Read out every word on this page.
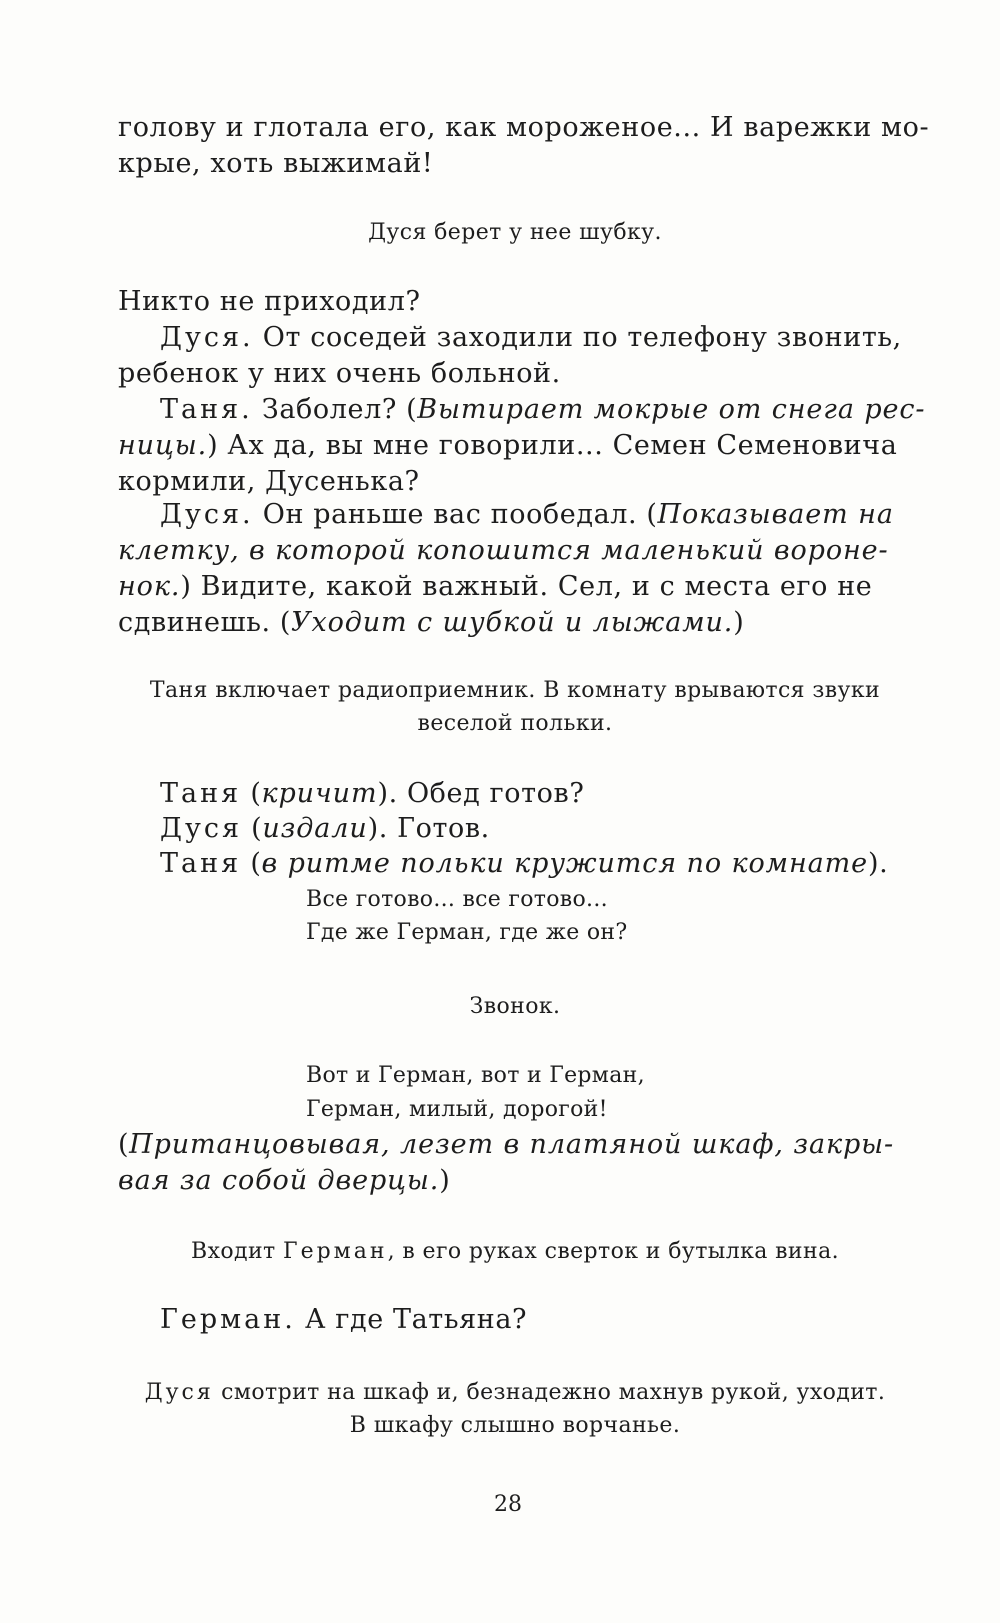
голову и глотала его, как мороженое... И варежки мо-
крые, хоть выжимай!
Дуся берет у нее шубку.
Никто не приходил?
Дуся. От соседей заходили по телефону звонить,
ребенок у них очень больной.
Таня. Заболел? (Вытирает мокрые от снега рес-
ницы.) Ах да, вы мне говорили... Семен Семеновича
кормили, Дусенька?
Дуся. Он раньше вас пообедал. (Показывает на
клетку, в которой копошится маленький вороне-
нок.) Видите, какой важный. Сел, и с места его не
сдвинешь. (Уходит с шубкой и лыжами.)
Таня включает радиоприемник. В комнату врываются звуки
веселой польки.
Таня (кричит). Обед готов?
Дуся (издали). Готов.
Таня (в ритме польки кружится по комнате).
Все готово... все готово...
Где же Герман, где же он?
Звонок.
Вот и Герман, вот и Герман,
Герман, милый, дорогой!
(Пританцовывая, лезет в платяной шкаф, закры-
вая за собой дверцы.)
Входит Герман, в его руках сверток и бутылка вина.
Герман. А где Татьяна?
Дуся смотрит на шкаф и, безнадежно махнув рукой, уходит.
В шкафу слышно ворчанье.
28
